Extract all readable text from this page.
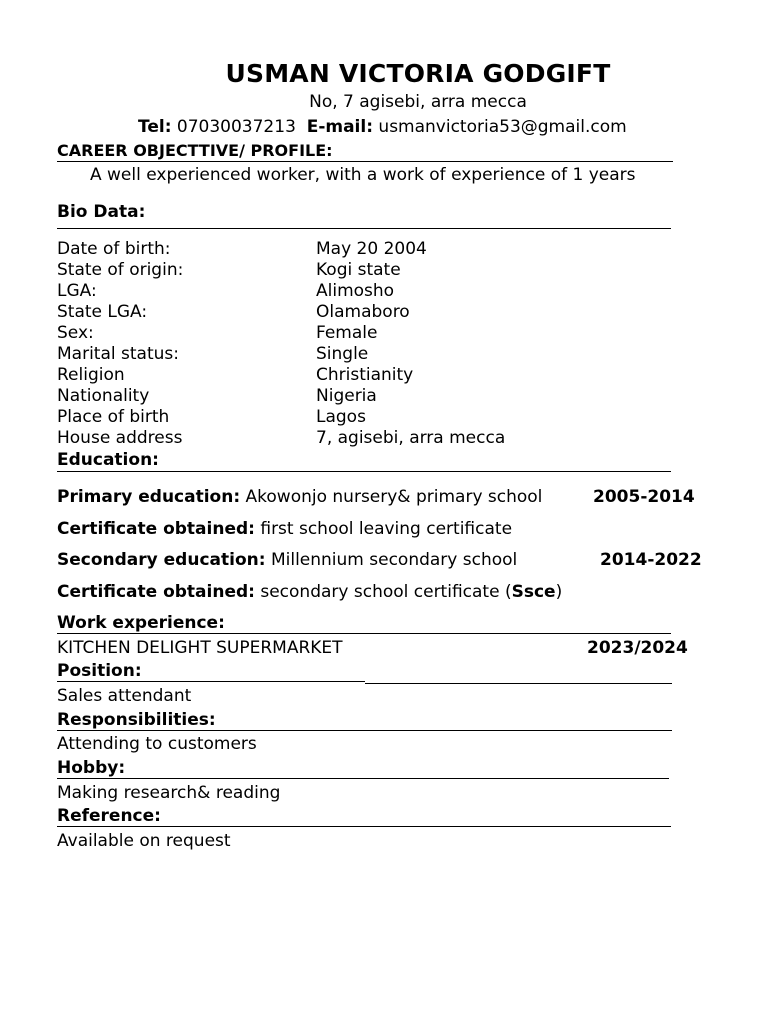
USMAN VICTORIA GODGIFT
No, 7 agisebi, arra mecca
Tel: 07030037213 E-mail: usmanvictoria53@gmail.com
CAREER OBJECTTIVE/ PROFILE:
A well experienced worker, with a work of experience of 1 years
Bio Data:
Date of birth:	May 20 2004
State of origin:	Kogi state
LGA:	Alimosho
State LGA:	Olamaboro
Sex:	Female
Marital status:	Single
Religion	Christianity
Nationality	Nigeria
Place of birth	Lagos
House address	7, agisebi, arra mecca
Education:
Primary education: Akowonjo nursery& primary school	2005-2014
Certificate obtained: first school leaving certificate
Secondary education: Millennium secondary school	2014-2022
Certificate obtained: secondary school certificate (Ssce)
Work experience:
KITCHEN DELIGHT SUPERMARKET	2023/2024
Position:
Sales attendant
Responsibilities:
Attending to customers
Hobby:
Making research& reading
Reference:
Available on request
